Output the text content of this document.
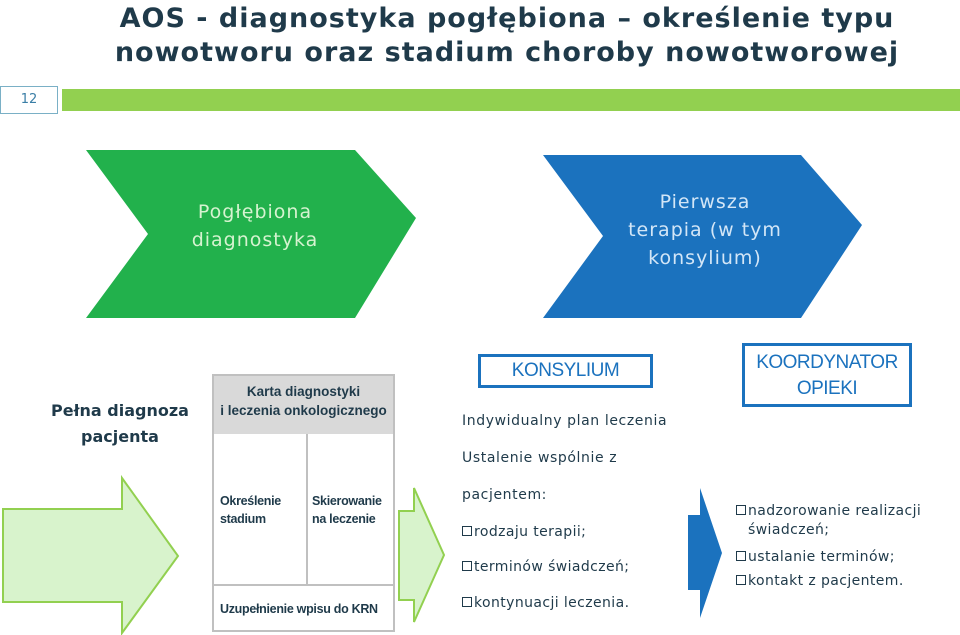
AOS - diagnostyka pogłębiona – określenie typu
nowotworu oraz stadium choroby nowotworowej
12
Pogłębiona
diagnostyka
Pierwsza
terapia (w tym
konsylium)
Pełna diagnoza
pacjenta
Karta diagnostyki
i leczenia onkologicznego
Określenie
stadium
Skierowanie
na leczenie
Uzupełnienie wpisu do KRN
KONSYLIUM
Indywidualny plan leczenia
Ustalenie wspólnie z
pacjentem:
rodzaju terapii;
terminów świadczeń;
kontynuacji leczenia.
KOORDYNATOR
OPIEKI
nadzorowanie realizacji
świadczeń;
ustalanie terminów;
kontakt z pacjentem.
